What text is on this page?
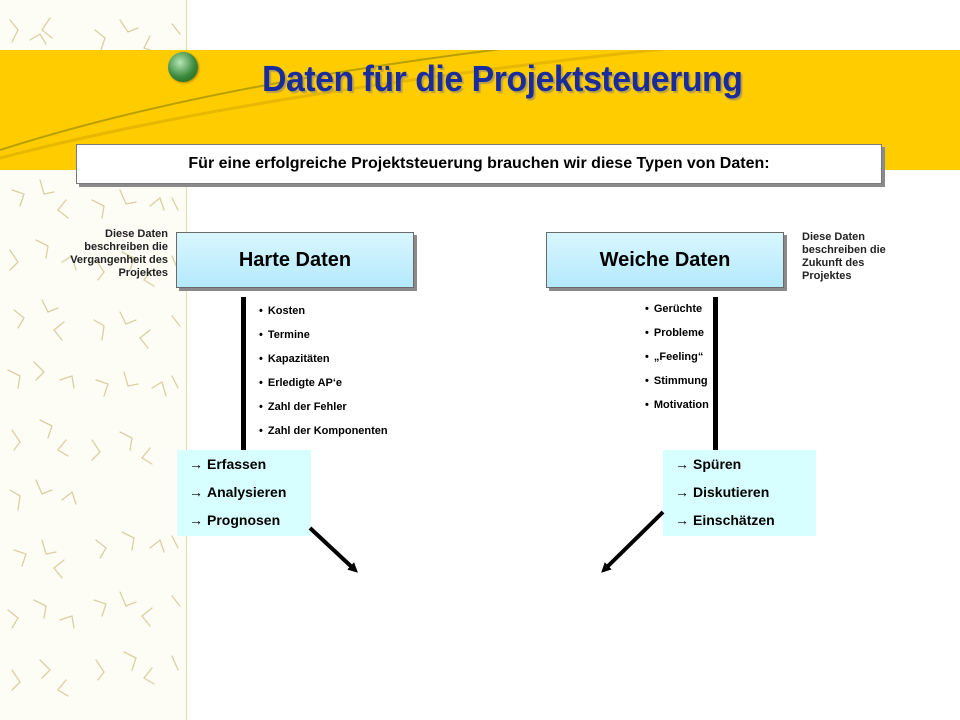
Daten für die Projektsteuerung
Für eine erfolgreiche Projektsteuerung brauchen wir diese Typen von Daten:
Diese Daten beschreiben die Vergangenheit des Projektes
Diese Daten beschreiben die Zukunft des Projektes
Harte Daten	Weiche Daten
• Kosten
• Termine
• Kapazitäten
• Erledigte AP‘e
• Zahl der Fehler
• Zahl der Komponenten
• Gerüchte
• Probleme
• „Feeling“
• Stimmung
• Motivation
→ Erfassen
→ Analysieren
→ Prognosen
→ Spüren
→ Diskutieren
→ Einschätzen
